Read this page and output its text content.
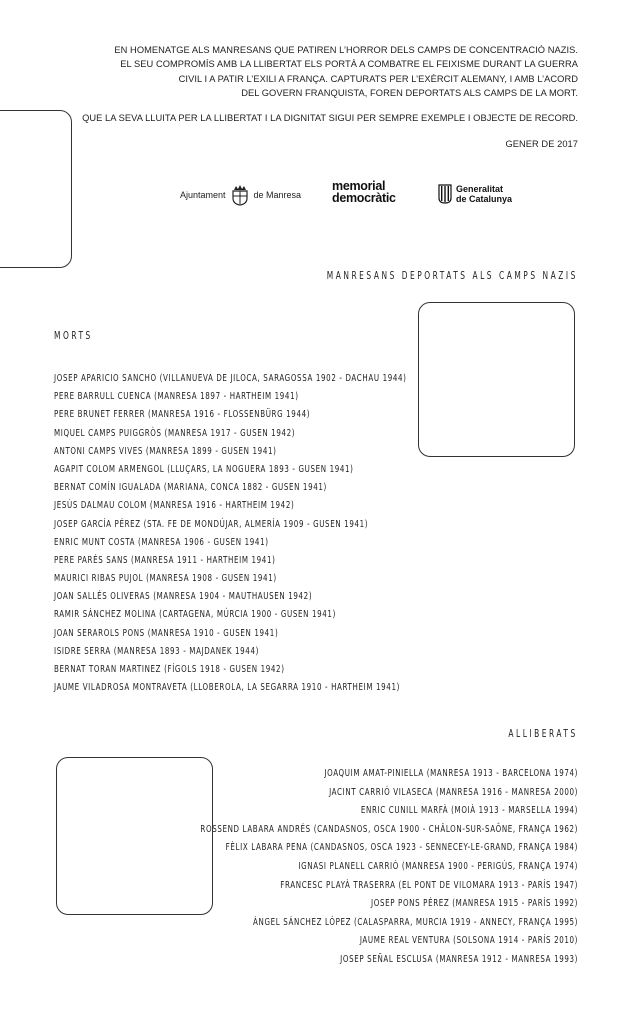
EN HOMENATGE ALS MANRESANS QUE PATIREN L’HORROR DELS CAMPS DE CONCENTRACIÓ NAZIS.

EL SEU COMPROMÍS AMB LA LLIBERTAT ELS PORTÀ A COMBATRE EL FEIXISME DURANT LA GUERRA

CIVIL I A PATIR L’EXILI A FRANÇA. CAPTURATS PER L’EXÈRCIT ALEMANY, I AMB L’ACORD

DEL GOVERN FRANQUISTA, FOREN DEPORTATS ALS CAMPS DE LA MORT.

QUE LA SEVA LLUITA PER LA LLIBERTAT I LA DIGNITAT SIGUI PER SEMPRE EXEMPLE I OBJECTE DE RECORD.

GENER DE 2017

Ajuntament	de Manresa
memorial
democràtic
Generalitat
de Catalunya
MANRESANS DEPORTATS ALS CAMPS NAZIS
MORTS
JOSEP APARICIO SANCHO (VILLANUEVA DE JILOCA, SARAGOSSA 1902 - DACHAU 1944)
PERE BARRULL CUENCA (MANRESA 1897 - HARTHEIM 1941)
PERE BRUNET FERRER (MANRESA 1916 - FLOSSENBÜRG 1944)
MIQUEL CAMPS PUIGGRÒS (MANRESA 1917 - GUSEN 1942)
ANTONI CAMPS VIVES (MANRESA 1899 - GUSEN 1941)
AGAPIT COLOM ARMENGOL (LLUÇARS, LA NOGUERA 1893 - GUSEN 1941)
BERNAT COMÍN IGUALADA (MARIANA, CONCA 1882 - GUSEN 1941)
JESÚS DALMAU COLOM (MANRESA 1916 - HARTHEIM 1942)
JOSEP GARCÍA PÉREZ (STA. FE DE MONDÚJAR, ALMERÍA 1909 - GUSEN 1941)
ENRIC MUNT COSTA (MANRESA 1906 - GUSEN 1941)
PERE PARÉS SANS (MANRESA 1911 - HARTHEIM 1941)
MAURICI RIBAS PUJOL (MANRESA 1908 - GUSEN 1941)
JOAN SALLÉS OLIVERAS (MANRESA 1904 - MAUTHAUSEN 1942)
RAMIR SÁNCHEZ MOLINA (CARTAGENA, MÚRCIA 1900 - GUSEN 1941)
JOAN SERAROLS PONS (MANRESA 1910 - GUSEN 1941)
ISIDRE SERRA (MANRESA 1893 - MAJDANEK 1944)
BERNAT TORAN MARTINEZ (FÍGOLS 1918 - GUSEN 1942)
JAUME VILADROSA MONTRAVETA (LLOBEROLA, LA SEGARRA 1910 - HARTHEIM 1941)
ALLIBERATS
JOAQUIM AMAT-PINIELLA (MANRESA 1913 - BARCELONA 1974)
JACINT CARRIÓ VILASECA (MANRESA 1916 - MANRESA 2000)
ENRIC CUNILL MARFÀ (MOIÀ 1913 - MARSELLA 1994)
ROSSEND LABARA ANDRÉS (CANDASNOS, OSCA 1900 - CHÂLON-SUR-SAÔNE, FRANÇA 1962)
FÈLIX LABARA PENA (CANDASNOS, OSCA 1923 - SENNECEY-LE-GRAND, FRANÇA 1984)
IGNASI PLANELL CARRIÓ (MANRESA 1900 - PERIGÚS, FRANÇA 1974)
FRANCESC PLAYÀ TRASERRA (EL PONT DE VILOMARA 1913 - PARÍS 1947)
JOSEP PONS PÉREZ (MANRESA 1915 - PARÍS 1992)
ÀNGEL SÁNCHEZ LÓPEZ (CALASPARRA, MURCIA 1919 - ANNECY, FRANÇA 1995)
JAUME REAL VENTURA (SOLSONA 1914 - PARÍS 2010)
JOSEP SEÑAL ESCLUSA (MANRESA 1912 - MANRESA 1993)
